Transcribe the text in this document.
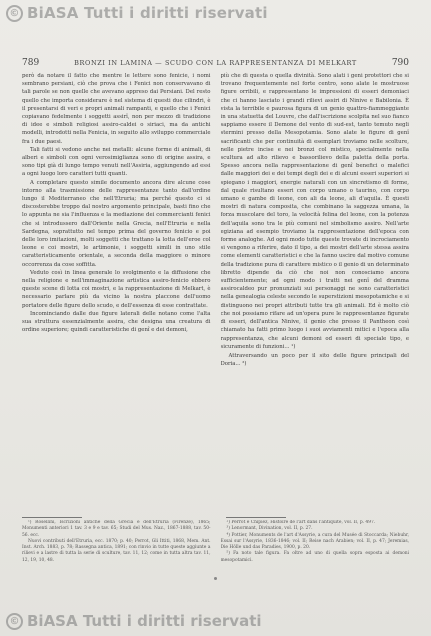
© BiASA Tutti i diritti riservati
789	BRONZI IN LAMINA — SCUDO CON LA RAPPRESENTANZA DI MELKART	790

però da notare il fatto che mentre le lettere sono fenicie, i nomi sembrano persiani, ciò che prova che i Fenici non conservavano di tali parole se non quelle che avevano appreso dai Persiani. Del resto quello che importa considerare è nel sistema di questi due cilindri, è il presentarsi di veri e propri animali rampanti, e quello che i Fenici copiavano fedelmente i soggetti assirî, non per mezzo di tradizione di idee e simboli religiosi assiro-caldei o siriaci, ma da antichi modelli, introdotti nella Fenicia, in seguito allo sviluppo commerciale fra i due paesi.

Tali fatti si vedono anche nei metalli: alcune forme di animali, di alberi e simboli con ogni verosimiglianza sono di origine assira, e sono tipi già di lungo tempo venuti nell'Assiria, aggiungendo ad essi a ogni luogo loro caratteri tutti quanti.

A completare questo simile documento ancora dire alcune cose intorno alla trasmissione delle rappresentanze tanto dall'ordine lungo il Mediterraneo che nell'Etruria; ma perché questo ci si discosterebbe troppo dal nostro argomento principale, basti fino che lo appunta ne sia l'influenza e la mediazione dei commercianti fenici che si introdussero dall'Oriente nella Grecia, nell'Etruria e nella Sardegna, soprattutto nel tempo prima del governo fenicio e poi delle loro imitazioni, molti soggetti che trattano la lotta dell'eroe col leone e coi mostri, le artimonie, i soggetti simili in uno stile caratteristicamente orientale, a seconda della maggiore o minore occorrenza da cose soffitta.

Veduto così in linea generale lo svolgimento e la diffusione che nella religione e nell'immaginazione artistica assiro-fenicio ebbero queste scene di lotta coi mostri, e la rappresentazione di Melkart, è necessario parlare più da vicino la nostra placcone dell'uomo portatore delle figure dello scudo, e dell'essenza di esse contrattate.

Incominciando dalle due figure laterali delle notano come l'alta sua struttura essenzialmente assira, che designa una creatura di ordine superiore; quindi caratteristiche di genî e dei demoni,

più che di questa o quella divinità. Sono alati i geni protettori che si trovano frequentemente nel forte centro, sono alate le mostruose figure orribili, e rappresentano le impressioni di esseri demoniaci che ci hanno lasciato i grandi rilievi assiri di Ninive e Babilonia. È vista la terribile e paurosa figura di un genio quattro-fiammeggiante in una statuetta del Louvre, che dall'iscrizione scolpita nel suo fianco sappiamo essere il Demone del vento di sud-est, tanto temuto negli stermini presso della Mesopotamia. Sono alate le figure di genî sacrificanti che per continuità di esemplari troviamo nelle scolture, nelle pietre incise e nei bronzi col mistico, specialmente nella scultura ad alto rilievo e bassorilievo della paletta della porta. Spesso ancora nella rappresentazione di genî benefici o malefici dalle maggiori dei e dei tempi degli dei e di alcuni esseri superiori si spiegano i maggiori, energie naturali con un sincretismo di forme, dal quale risultano esseri con corpo umano o taurino, con corpo umano e gambe di leone, con ali da leone, ali d'aquila. È questi mostri di natura composita, che combinano la saggezza umana, la forza muscolare del toro, la velocità felina del leone, con la potenza dell'aquila sono tra le più comuni nel simbolismo assiro. Nell'arte egiziana ad esempio troviamo la rappresentazione dell'epoca con forme analoghe. Ad ogni modo tutte queste trovate di incrociamento si vengono a riferire, dato il tipo, a dei mostri dell'arte stessa assira come elementi caratteristici e che la fanno uscire dal motivo comune della tradizione pura di carattere mistico o il genio di un determinato libretto dipende da ciò che noi non conosciamo ancora sufficientemente; ad ogni modo i tratti nei genî del dramma assirocaldeo pur pronunziati sui personaggi ne sono caratteristici nella genealogia celeste secondo le superstizioni mesopotamiche e si distinguono nei propri attributi tutte tra gli animali. Ed è molto ciò che noi possiamo rifare ad un'opera pure le rappresentanze figurate di esseri, dell'antica Ninive, il genio che presso il Pantheon così chiamato ha fatti primo luogo i suoi avviamenti mitici e l'epoca alla rappresentanza, che alcuni demoni od esseri di speciale tipo, e sicuramente di funzioni... ¹)

Attraversando un poco per il sito delle figure principali del Doria... ²)

¹) Rosellini, Iscrizioni antiche della Grecia e dell'Etruria (Firenze), 1865; Monumenti anteriori 1 tav. 3 e 9 e tav. 65; Studi del Mus. Naz., 1867-1888, tav. 50-56. ecc.

Nuovi contributi dell'Etruria, ecc. 1870; p. 40; Perrot, Gli Ittiti, 1868, Mem. Ant. Inst. Arch. 1883, p. 78; Rassegna antica, 1891; con rinvio in tutte queste aggiunte a rilievi e a lastre di tutta la serie di sculture, tav. 11, 12; come in tutta altra tav. 11, 12, 19, 10, 48.

²) Perrot e Chipiez, Histoire de l'art dans l'antiquité, vol. II, p. 497.

³) Lenormant, Divination, vol. II, p. 27.

⁴) Pottier, Monuments de l'art d'Assyrie, a cura del Musée di Stoccarda; Niebuhr, Essai sur l'Assyrie, 1836-1846; vol. II; Reise nach Arabien; vol. II, p. 47; Jeremias, Die Hölle und das Paradies, 1900, p. 20.

⁵) Fa noto tale figura. Fa oltre ad uno di quella sopra esposta ai demoni mesopotamici.

© BiASA Tutti i diritti riservati
